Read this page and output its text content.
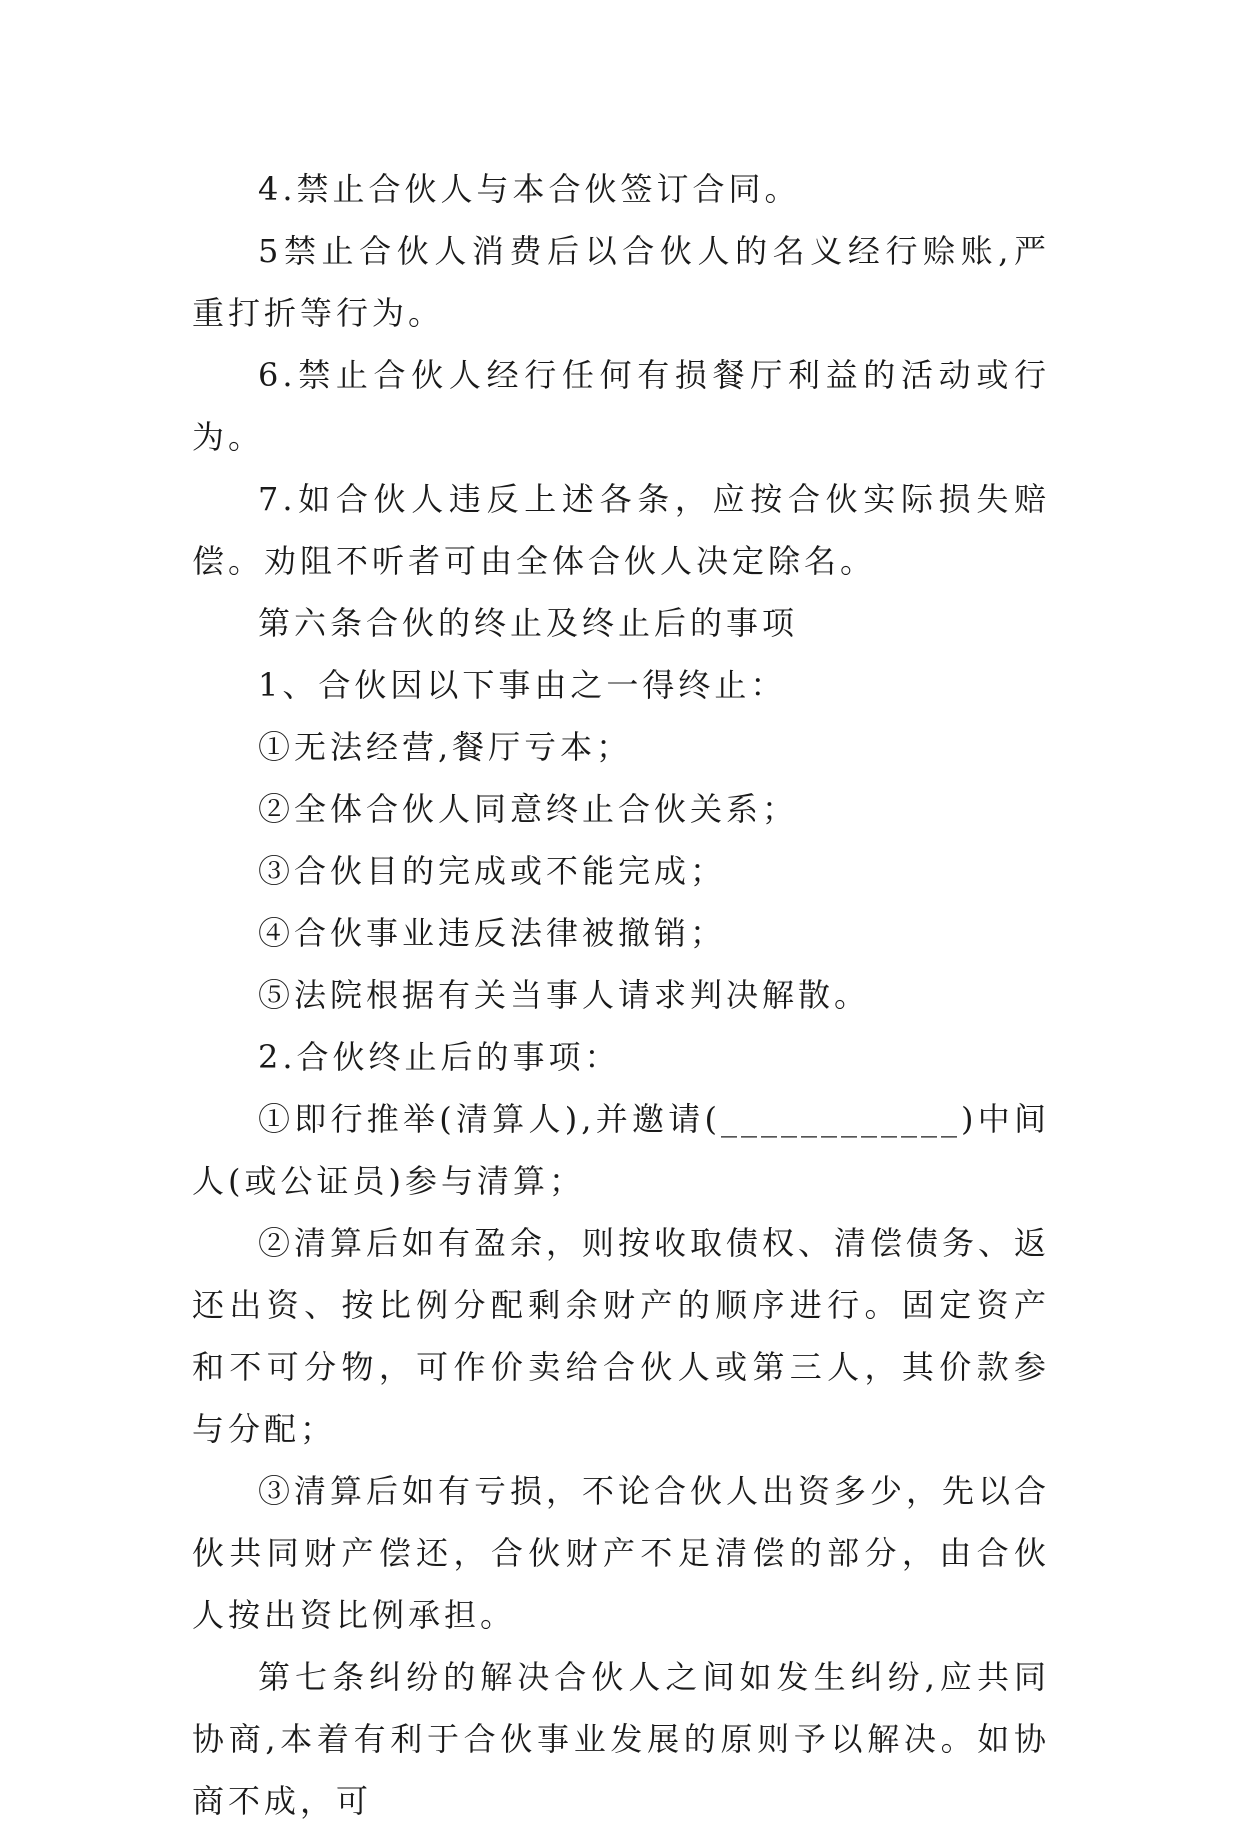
4.禁止合伙人与本合伙签订合同。

5禁止合伙人消费后以合伙人的名义经行赊账,严重打折等行为。

6.禁止合伙人经行任何有损餐厅利益的活动或行为。

7.如合伙人违反上述各条，应按合伙实际损失赔偿。劝阻不听者可由全体合伙人决定除名。

第六条合伙的终止及终止后的事项

1、合伙因以下事由之一得终止：

①无法经营,餐厅亏本；

②全体合伙人同意终止合伙关系；

③合伙目的完成或不能完成；

④合伙事业违反法律被撤销；

⑤法院根据有关当事人请求判决解散。

2.合伙终止后的事项：

①即行推举(清算人),并邀请(____________)中间人(或公证员)参与清算；

②清算后如有盈余，则按收取债权、清偿债务、返还出资、按比例分配剩余财产的顺序进行。固定资产和不可分物，可作价卖给合伙人或第三人，其价款参与分配；

③清算后如有亏损，不论合伙人出资多少，先以合伙共同财产偿还，合伙财产不足清偿的部分，由合伙人按出资比例承担。

第七条纠纷的解决合伙人之间如发生纠纷,应共同协商,本着有利于合伙事业发展的原则予以解决。如协商不成，可
